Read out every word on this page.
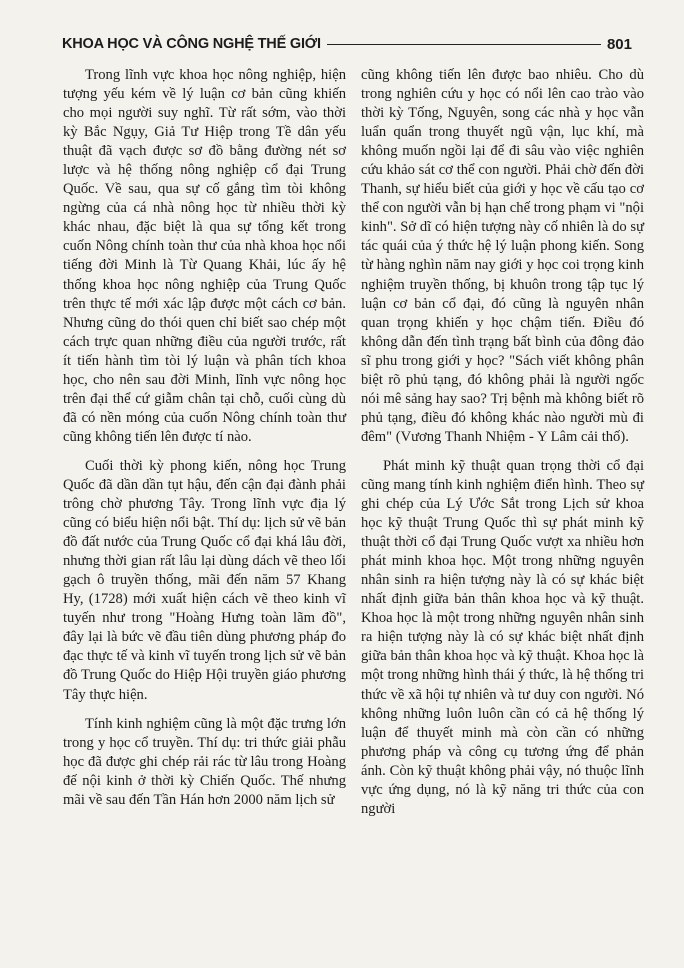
KHOA HỌC VÀ CÔNG NGHỆ THẾ GIỚI	801

Trong lĩnh vực khoa học nông nghiệp, hiện tượng yếu kém về lý luận cơ bản cũng khiến cho mọi người suy nghĩ. Từ rất sớm, vào thời kỳ Bắc Ngụy, Giả Tư Hiệp trong Tề dân yếu thuật đã vạch được sơ đồ bằng đường nét sơ lược và hệ thống nông nghiệp cổ đại Trung Quốc. Về sau, qua sự cố gắng tìm tòi không ngừng của cá nhà nông học từ nhiều thời kỳ khác nhau, đặc biệt là qua sự tổng kết trong cuốn Nông chính toàn thư của nhà khoa học nổi tiếng đời Minh là Từ Quang Khải, lúc ấy hệ thống khoa học nông nghiệp của Trung Quốc trên thực tế mới xác lập được một cách cơ bản. Nhưng cũng do thói quen chỉ biết sao chép một cách trực quan những điều của người trước, rất ít tiến hành tìm tòi lý luận và phân tích khoa học, cho nên sau đời Minh, lĩnh vực nông học trên đại thể cứ giẫm chân tại chỗ, cuối cùng dù đã có nền móng của cuốn Nông chính toàn thư cũng không tiến lên được tí nào.

Cuối thời kỳ phong kiến, nông học Trung Quốc đã dần dần tụt hậu, đến cận đại đành phải trông chờ phương Tây. Trong lĩnh vực địa lý cũng có biểu hiện nổi bật. Thí dụ: lịch sử vẽ bản đồ đất nước của Trung Quốc cổ đại khá lâu đời, nhưng thời gian rất lâu lại dùng dách vẽ theo lối gạch ô truyền thống, mãi đến năm 57 Khang Hy, (1728) mới xuất hiện cách vẽ theo kinh vĩ tuyến như trong "Hoàng Hưng toàn lãm đồ", đây lại là bức vẽ đầu tiên dùng phương pháp đo đạc thực tế và kinh vĩ tuyến trong lịch sử vẽ bản đồ Trung Quốc do Hiệp Hội truyền giáo phương Tây thực hiện.

Tính kinh nghiệm cũng là một đặc trưng lớn trong y học cổ truyền. Thí dụ: tri thức giải phẫu học đã được ghi chép rải rác từ lâu trong Hoàng đế nội kinh ở thời kỳ Chiến Quốc. Thế nhưng mãi về sau đến Tần Hán hơn 2000 năm lịch sử

cũng không tiến lên được bao nhiêu. Cho dù trong nghiên cứu y học có nổi lên cao trào vào thời kỳ Tống, Nguyên, song các nhà y học vẫn luẩn quẩn trong thuyết ngũ vận, lục khí, mà không muốn ngồi lại để đi sâu vào việc nghiên cứu khảo sát cơ thể con người. Phải chờ đến đời Thanh, sự hiểu biết của giới y học về cấu tạo cơ thể con người vẫn bị hạn chế trong phạm vi "nội kinh". Sở dĩ có hiện tượng này cố nhiên là do sự tác quái của ý thức hệ lý luận phong kiến. Song từ hàng nghìn năm nay giới y học coi trọng kinh nghiệm truyền thống, bị khuôn trong tập tục lý luận cơ bản cổ đại, đó cũng là nguyên nhân quan trọng khiến y học chậm tiến. Điều đó không dẫn đến tình trạng bất bình của đông đảo sĩ phu trong giới y học? "Sách viết không phân biệt rõ phủ tạng, đó không phải là người ngốc nói mê sảng hay sao? Trị bệnh mà không biết rõ phủ tạng, điều đó không khác nào người mù đi đêm" (Vương Thanh Nhiệm - Y Lâm cải thố).

Phát minh kỹ thuật quan trọng thời cổ đại cũng mang tính kinh nghiệm điển hình. Theo sự ghi chép của Lý Ước Sắt trong Lịch sử khoa học kỹ thuật Trung Quốc thì sự phát minh kỹ thuật thời cổ đại Trung Quốc vượt xa nhiều hơn phát minh khoa học. Một trong những nguyên nhân sinh ra hiện tượng này là có sự khác biệt nhất định giữa bản thân khoa học và kỹ thuật. Khoa học là một trong những nguyên nhân sinh ra hiện tượng này là có sự khác biệt nhất định giữa bản thân khoa học và kỹ thuật. Khoa học là một trong những hình thái ý thức, là hệ thống tri thức về xã hội tự nhiên và tư duy con người. Nó không những luôn luôn cần có cả hệ thống lý luận để thuyết minh mà còn cần có những phương pháp và công cụ tương ứng để phản ánh. Còn kỹ thuật không phải vậy, nó thuộc lĩnh vực ứng dụng, nó là kỹ năng tri thức của con người
